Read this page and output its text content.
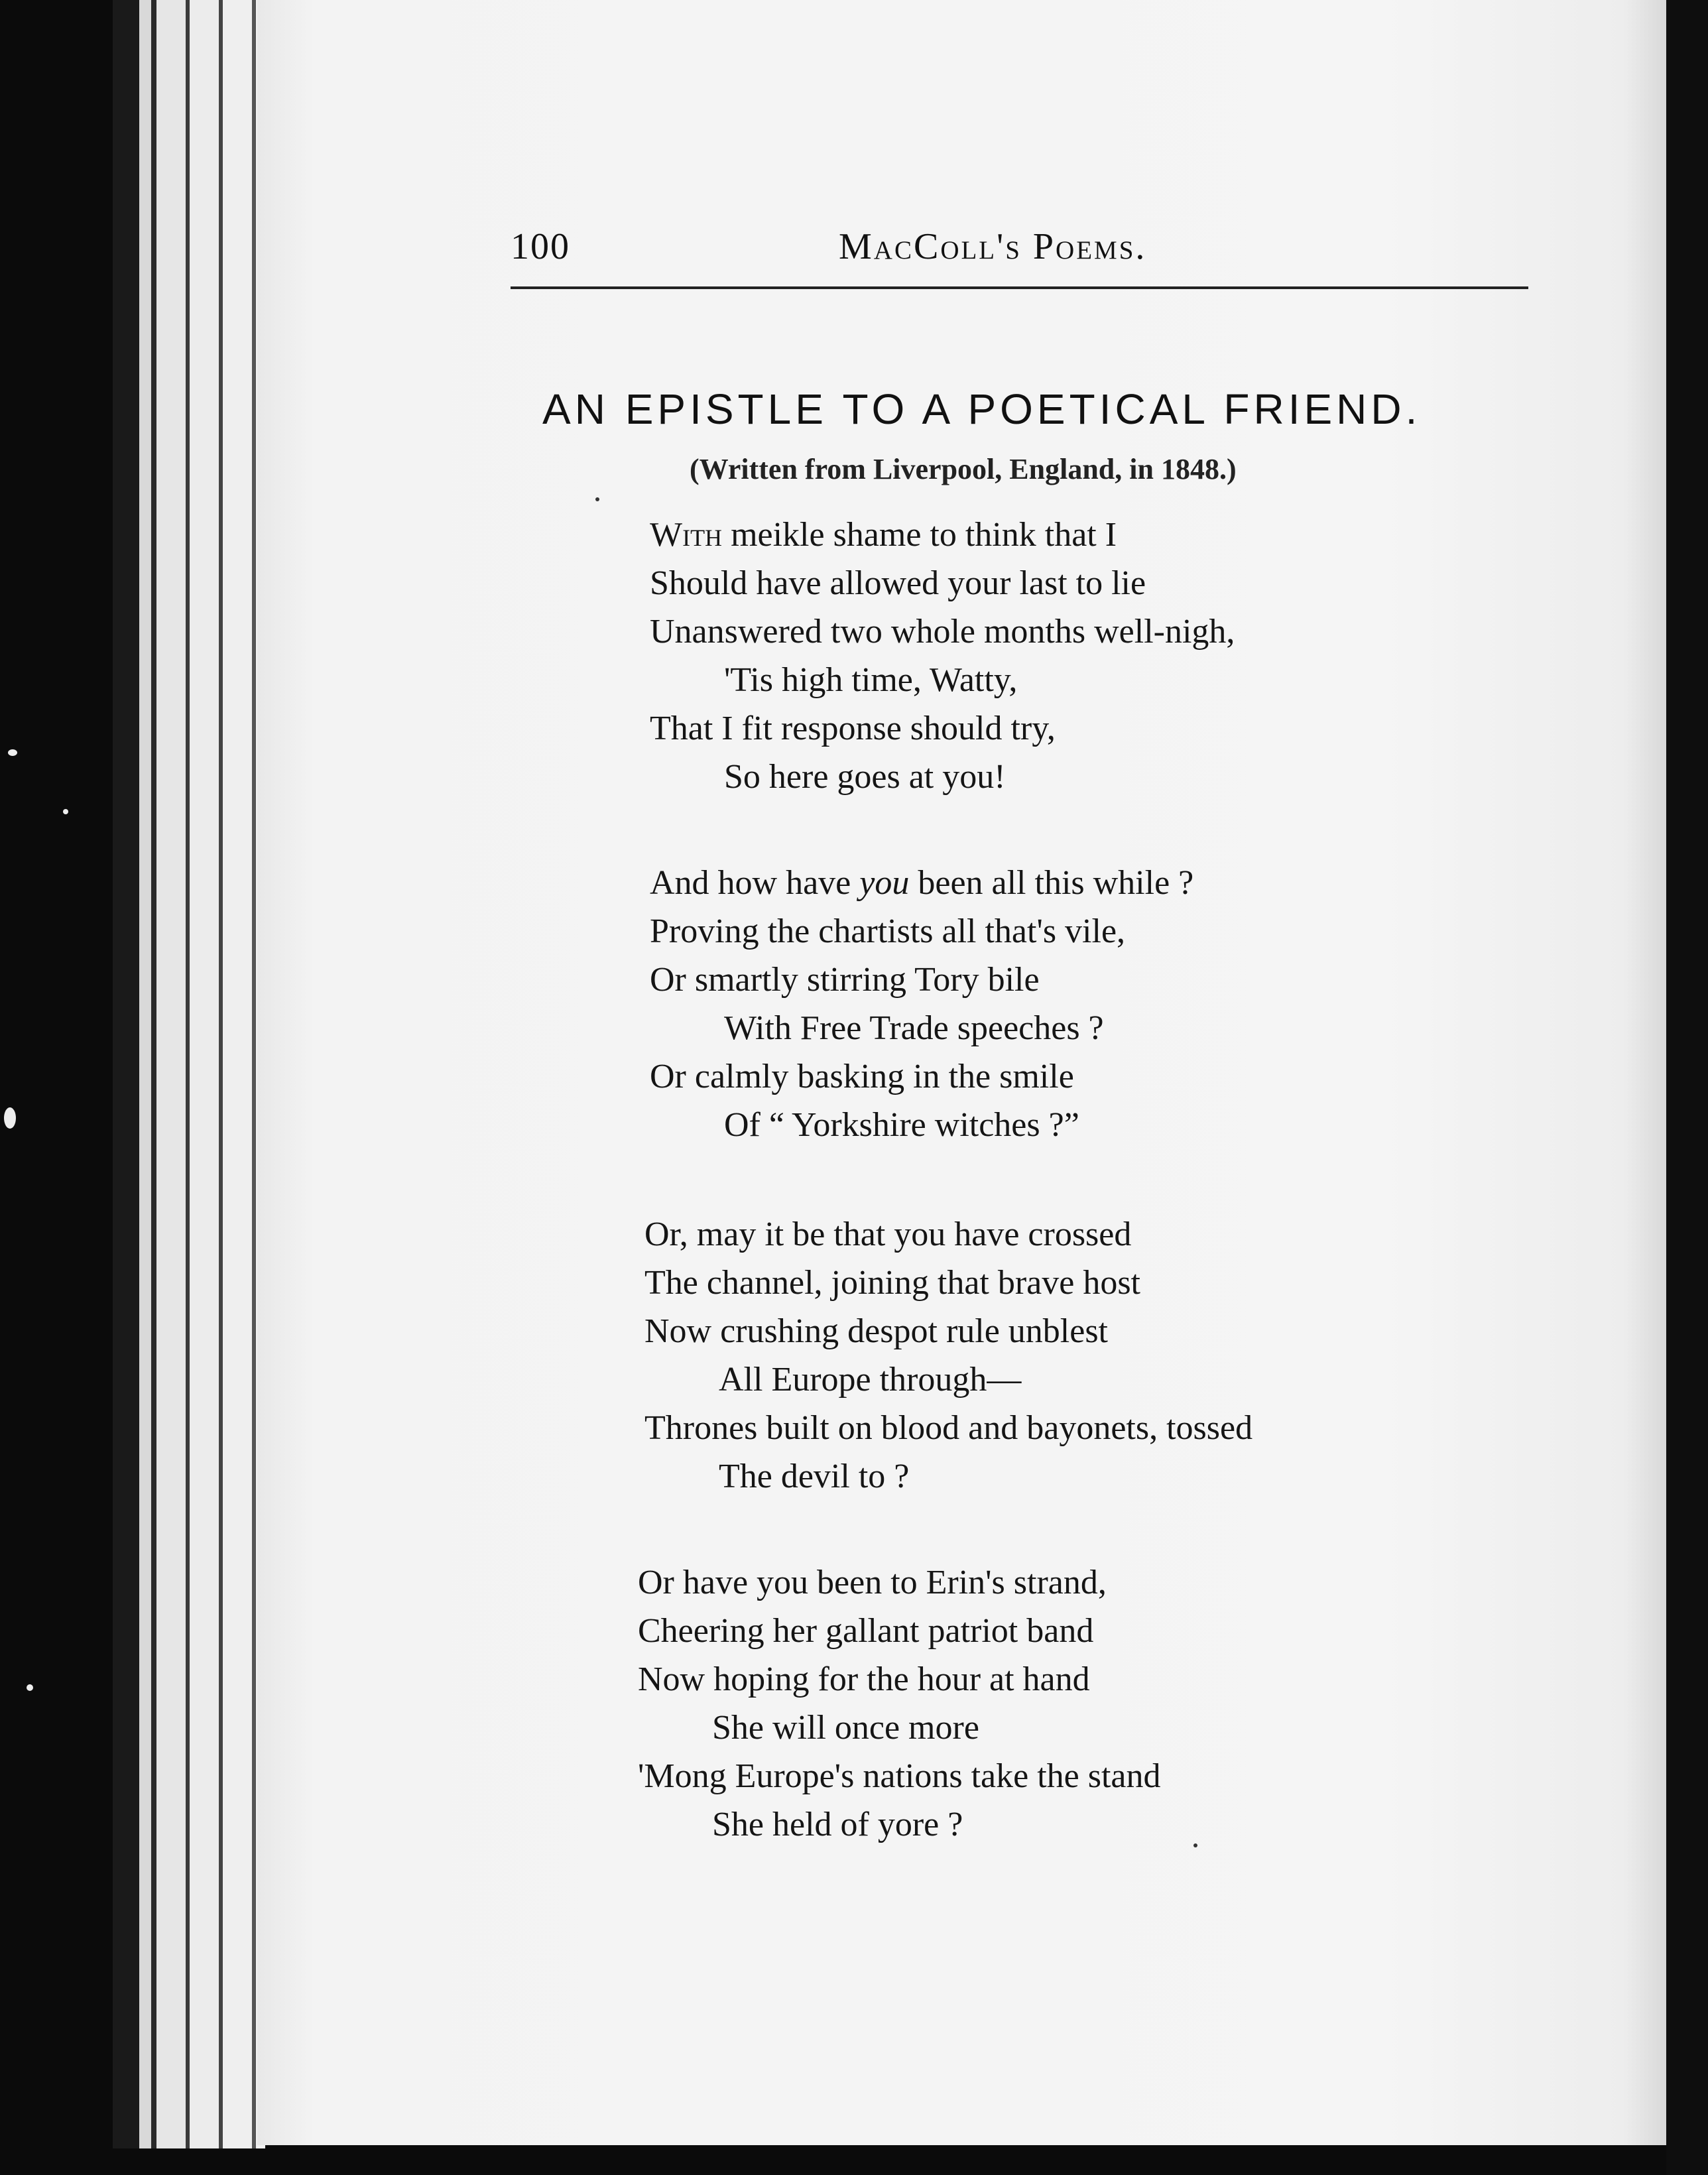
100	MacColl's Poems.
AN EPISTLE TO A POETICAL FRIEND.
(Written from Liverpool, England, in 1848.)
With meikle shame to think that I
Should have allowed your last to lie
Unanswered two whole months well-nigh,
'Tis high time, Watty,
That I fit response should try,
So here goes at you!
And how have you been all this while ?
Proving the chartists all that's vile,
Or smartly stirring Tory bile
With Free Trade speeches ?
Or calmly basking in the smile
Of “ Yorkshire witches ?”
Or, may it be that you have crossed
The channel, joining that brave host
Now crushing despot rule unblest
All Europe through—
Thrones built on blood and bayonets, tossed
The devil to ?
Or have you been to Erin's strand,
Cheering her gallant patriot band
Now hoping for the hour at hand
She will once more
'Mong Europe's nations take the stand
She held of yore ?
